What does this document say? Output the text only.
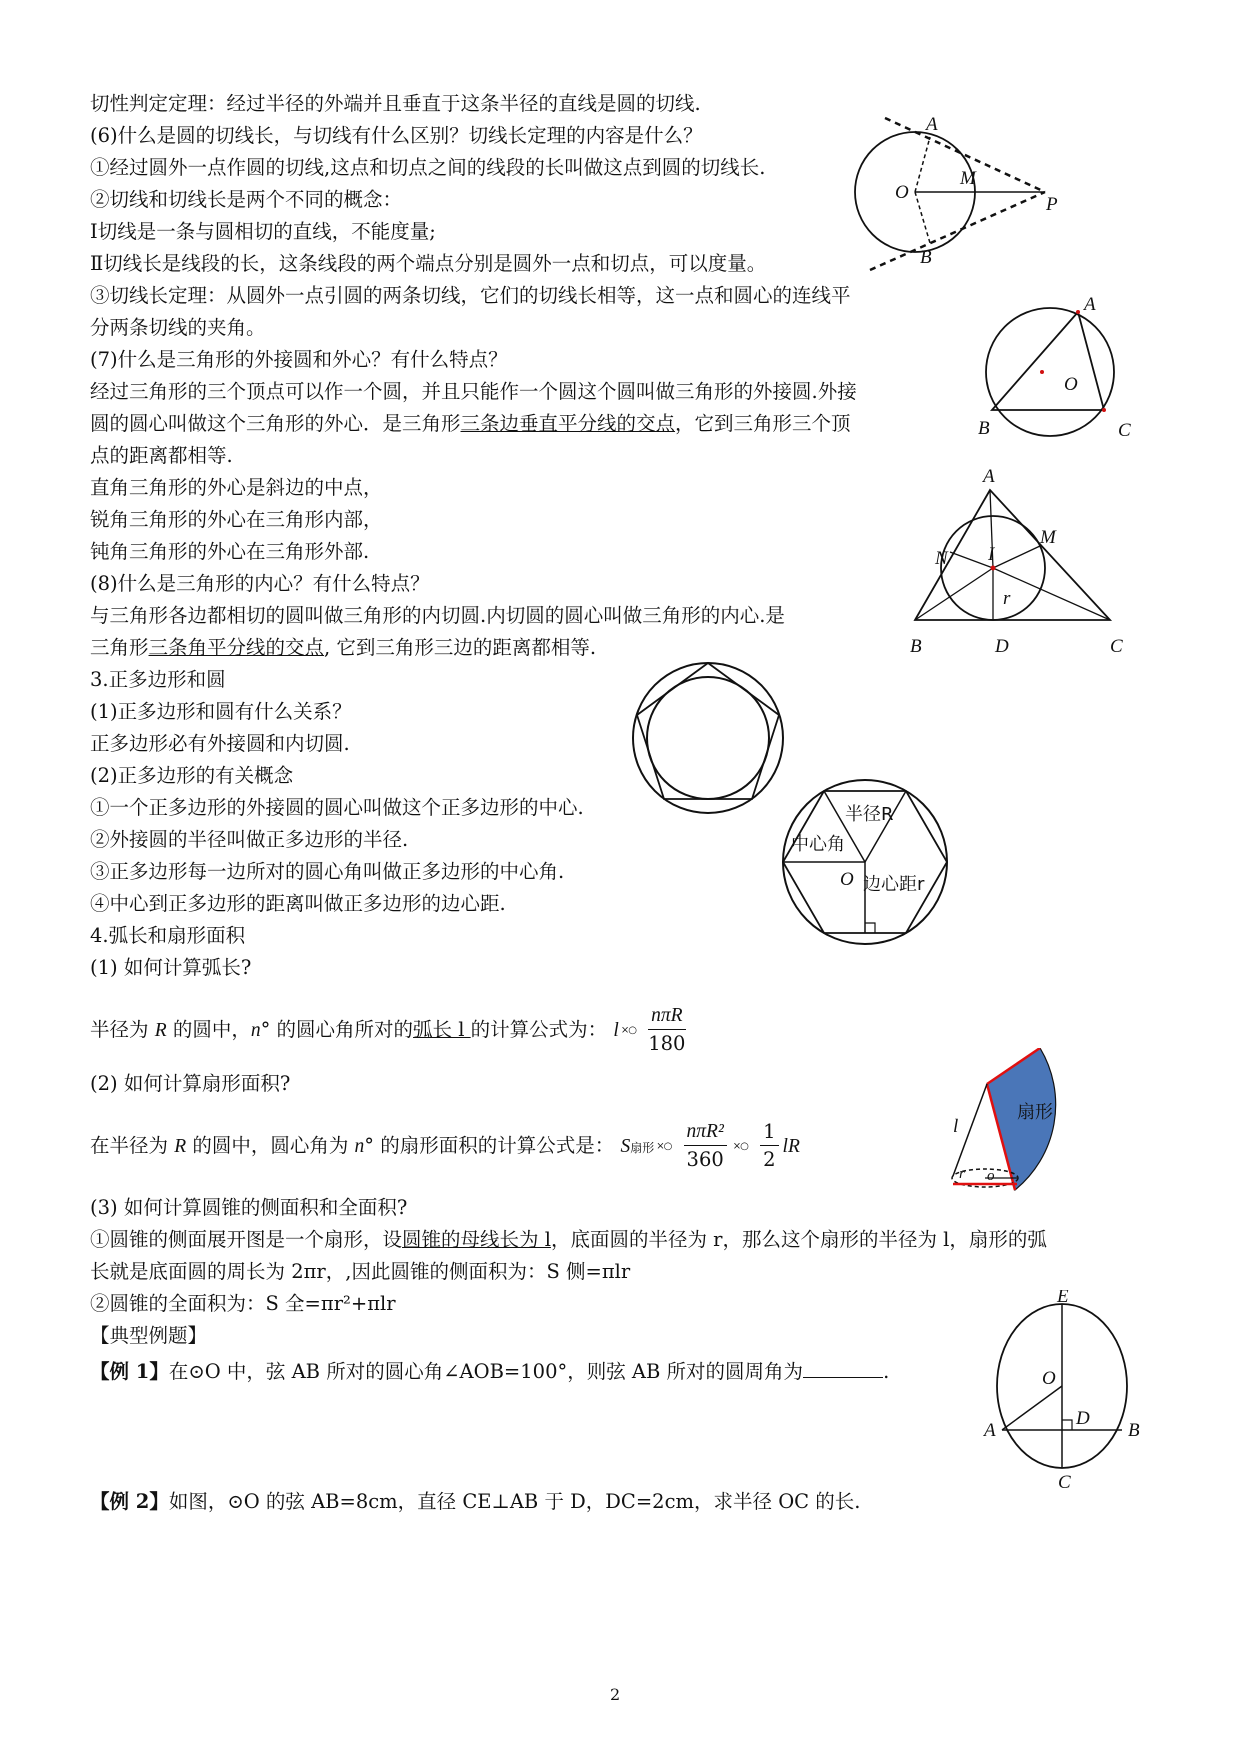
切性判定定理：经过半径的外端并且垂直于这条半径的直线是圆的切线.
(6)什么是圆的切线长，与切线有什么区别？切线长定理的内容是什么？
①经过圆外一点作圆的切线,这点和切点之间的线段的长叫做这点到圆的切线长.
②切线和切线长是两个不同的概念：
Ⅰ切线是一条与圆相切的直线，不能度量;
Ⅱ切线长是线段的长，这条线段的两个端点分别是圆外一点和切点，可以度量。
③切线长定理：从圆外一点引圆的两条切线，它们的切线长相等，这一点和圆心的连线平
分两条切线的夹角。
(7)什么是三角形的外接圆和外心？有什么特点？
经过三角形的三个顶点可以作一个圆，并且只能作一个圆这个圆叫做三角形的外接圆.外接
圆的圆心叫做这个三角形的外心．是三角形三条边垂直平分线的交点，它到三角形三个顶
点的距离都相等.
直角三角形的外心是斜边的中点，
锐角三角形的外心在三角形内部，
钝角三角形的外心在三角形外部.
(8)什么是三角形的内心？有什么特点？
与三角形各边都相切的圆叫做三角形的内切圆.内切圆的圆心叫做三角形的内心.是
三角形三条角平分线的交点, 它到三角形三边的距离都相等.
3.正多边形和圆
(1)正多边形和圆有什么关系？
正多边形必有外接圆和内切圆.
(2)正多边形的有关概念
①一个正多边形的外接圆的圆心叫做这个正多边形的中心.
②外接圆的半径叫做正多边形的半径.
③正多边形每一边所对的圆心角叫做正多边形的中心角.
④中心到正多边形的距离叫做正多边形的边心距.
4.弧长和扇形面积
(1) 如何计算弧长?
半径为 R 的圆中，n° 的圆心角所对的弧长 l 的计算公式为： l ×○ $\frac{\text{nπR}}{180}$
(2) 如何计算扇形面积?
在半径为 R 的圆中，圆心角为 n° 的扇形面积的计算公式是： S扇形 ×○ $\frac{\text{nπR²}}{360}$ ×○ $\frac{1}{2}$ lR
(3) 如何计算圆锥的侧面积和全面积?
①圆锥的侧面展开图是一个扇形，设圆锥的母线长为 l，底面圆的半径为 r，那么这个扇形的半径为 l，扇形的弧
长就是底面圆的周长为 2πr，,因此圆锥的侧面积为：S 侧=πlr
②圆锥的全面积为：S 全=πr²+πlr
【典型例题】
【例 1】在⊙O 中，弦 AB 所对的圆心角∠AOB=100°，则弦 AB 所对的圆周角为	.
【例 2】如图，⊙O 的弦 AB=8cm，直径 CE⊥AB 于 D，DC=2cm，求半径 OC 的长.
A
O
M
P
B
A
O
B	C
A
M
N I
r
B	D	C
半径R
中心角
O 边心距r
扇形
l
r o
E
O
D
A	B
C
2
